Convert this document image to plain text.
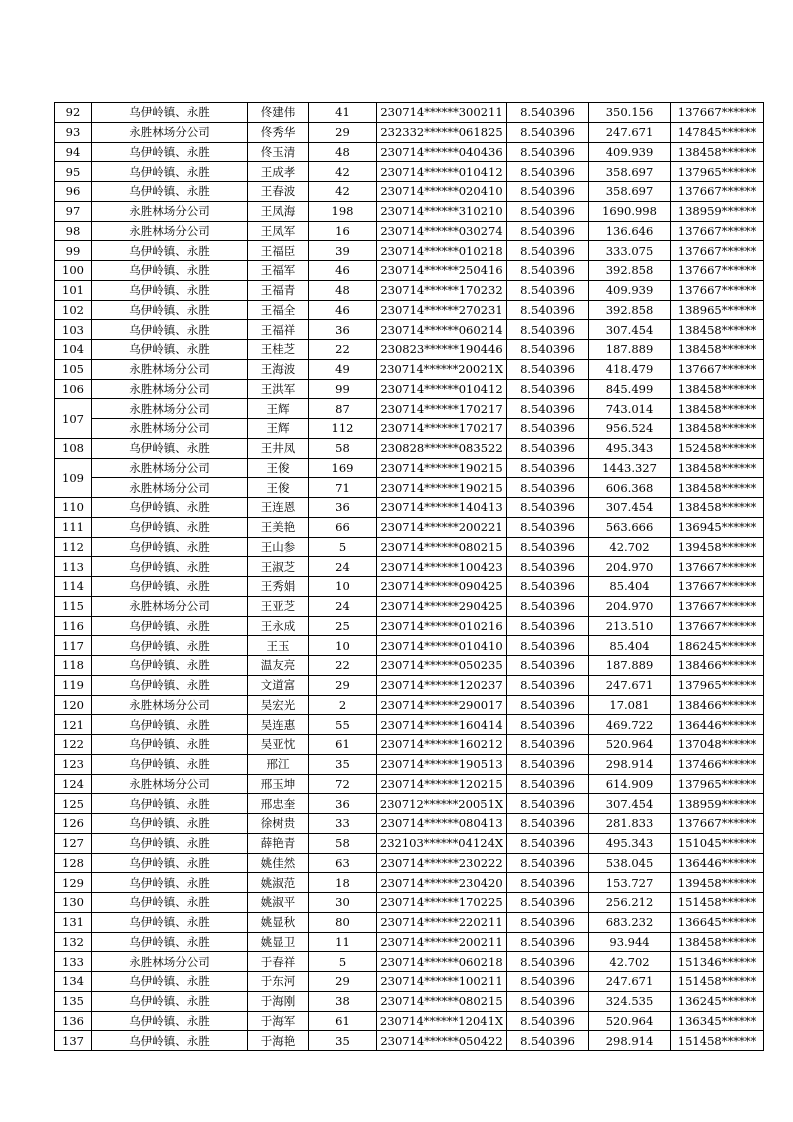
92	乌伊岭镇、永胜	佟建伟	41	230714******300211	8.540396	350.156	137667******
93	永胜林场分公司	佟秀华	29	232332******061825	8.540396	247.671	147845******
94	乌伊岭镇、永胜	佟玉清	48	230714******040436	8.540396	409.939	138458******
95	乌伊岭镇、永胜	王成孝	42	230714******010412	8.540396	358.697	137965******
96	乌伊岭镇、永胜	王春波	42	230714******020410	8.540396	358.697	137667******
97	永胜林场分公司	王凤海	198	230714******310210	8.540396	1690.998	138959******
98	永胜林场分公司	王凤军	16	230714******030274	8.540396	136.646	137667******
99	乌伊岭镇、永胜	王福臣	39	230714******010218	8.540396	333.075	137667******
100	乌伊岭镇、永胜	王福军	46	230714******250416	8.540396	392.858	137667******
101	乌伊岭镇、永胜	王福青	48	230714******170232	8.540396	409.939	137667******
102	乌伊岭镇、永胜	王福全	46	230714******270231	8.540396	392.858	138965******
103	乌伊岭镇、永胜	王福祥	36	230714******060214	8.540396	307.454	138458******
104	乌伊岭镇、永胜	王桂芝	22	230823******190446	8.540396	187.889	138458******
105	永胜林场分公司	王海波	49	230714******20021X	8.540396	418.479	137667******
106	永胜林场分公司	王洪军	99	230714******010412	8.540396	845.499	138458******
107	永胜林场分公司	王辉	87	230714******170217	8.540396	743.014	138458******
	永胜林场分公司	王辉	112	230714******170217	8.540396	956.524	138458******
108	乌伊岭镇、永胜	王井凤	58	230828******083522	8.540396	495.343	152458******
109	永胜林场分公司	王俊	169	230714******190215	8.540396	1443.327	138458******
	永胜林场分公司	王俊	71	230714******190215	8.540396	606.368	138458******
110	乌伊岭镇、永胜	王连恩	36	230714******140413	8.540396	307.454	138458******
111	乌伊岭镇、永胜	王美艳	66	230714******200221	8.540396	563.666	136945******
112	乌伊岭镇、永胜	王山参	5	230714******080215	8.540396	42.702	139458******
113	乌伊岭镇、永胜	王淑芝	24	230714******100423	8.540396	204.970	137667******
114	乌伊岭镇、永胜	王秀娟	10	230714******090425	8.540396	85.404	137667******
115	永胜林场分公司	王亚芝	24	230714******290425	8.540396	204.970	137667******
116	乌伊岭镇、永胜	王永成	25	230714******010216	8.540396	213.510	137667******
117	乌伊岭镇、永胜	王玉	10	230714******010410	8.540396	85.404	186245******
118	乌伊岭镇、永胜	温友亮	22	230714******050235	8.540396	187.889	138466******
119	乌伊岭镇、永胜	文道富	29	230714******120237	8.540396	247.671	137965******
120	永胜林场分公司	吴宏光	2	230714******290017	8.540396	17.081	138466******
121	乌伊岭镇、永胜	吴连惠	55	230714******160414	8.540396	469.722	136446******
122	乌伊岭镇、永胜	吴亚忱	61	230714******160212	8.540396	520.964	137048******
123	乌伊岭镇、永胜	邢江	35	230714******190513	8.540396	298.914	137466******
124	永胜林场分公司	邢玉坤	72	230714******120215	8.540396	614.909	137965******
125	乌伊岭镇、永胜	邢忠奎	36	230712******20051X	8.540396	307.454	138959******
126	乌伊岭镇、永胜	徐树贵	33	230714******080413	8.540396	281.833	137667******
127	乌伊岭镇、永胜	薛艳青	58	232103******04124X	8.540396	495.343	151045******
128	乌伊岭镇、永胜	姚佳然	63	230714******230222	8.540396	538.045	136446******
129	乌伊岭镇、永胜	姚淑范	18	230714******230420	8.540396	153.727	139458******
130	乌伊岭镇、永胜	姚淑平	30	230714******170225	8.540396	256.212	151458******
131	乌伊岭镇、永胜	姚显秋	80	230714******220211	8.540396	683.232	136645******
132	乌伊岭镇、永胜	姚显卫	11	230714******200211	8.540396	93.944	138458******
133	永胜林场分公司	于春祥	5	230714******060218	8.540396	42.702	151346******
134	乌伊岭镇、永胜	于东河	29	230714******100211	8.540396	247.671	151458******
135	乌伊岭镇、永胜	于海刚	38	230714******080215	8.540396	324.535	136245******
136	乌伊岭镇、永胜	于海军	61	230714******12041X	8.540396	520.964	136345******
137	乌伊岭镇、永胜	于海艳	35	230714******050422	8.540396	298.914	151458******
